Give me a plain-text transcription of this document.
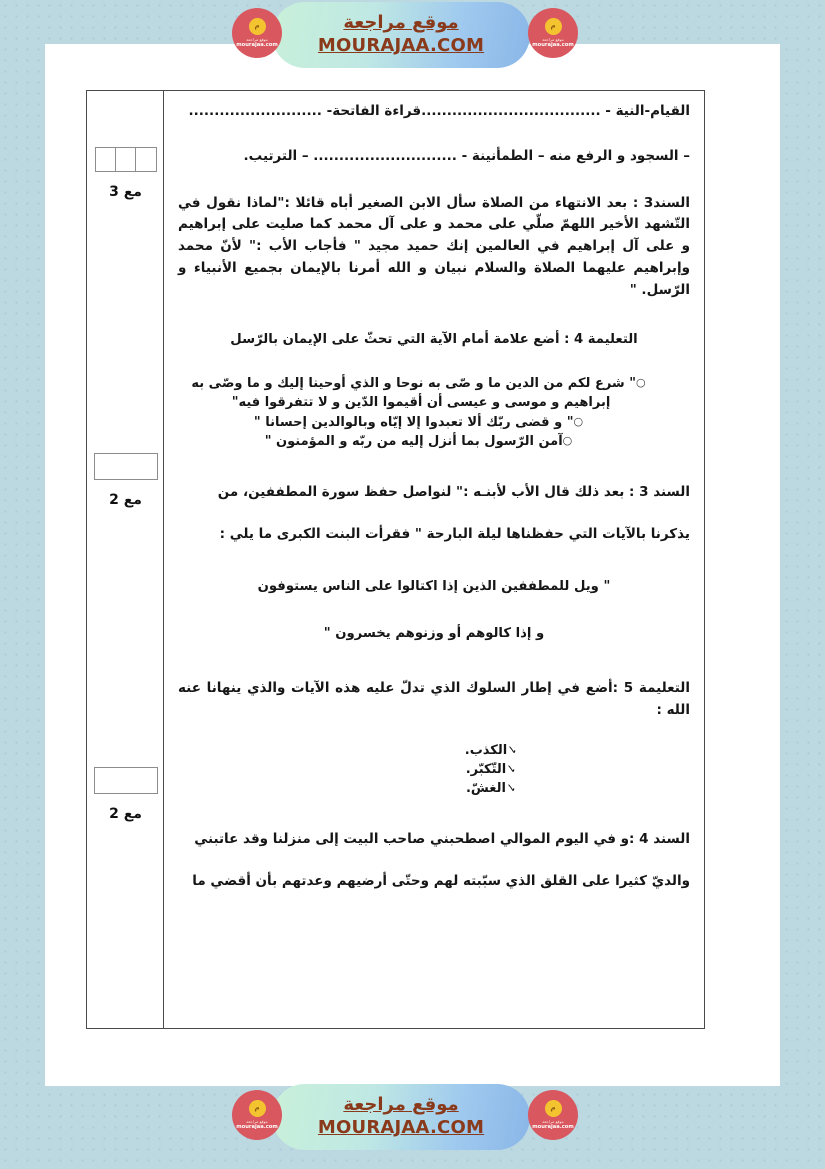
م
موقع مراجعة
mourajaa.com
م
موقع مراجعة
mourajaa.com
موقع مراجعة
MOURAJAA.COM
القيام-النية - ...................................قراءة الفاتحة- ..........................
– السجود و الرفع منه – الطمأنينة - ............................ – الترتيب.
السند3 : بعد الانتهاء من الصلاة سأل الابن الصغير أباه قائلا :"لماذا نقول في التّشهد الأخير اللهمّ صلّي على محمد و على آل محمد كما صليت على إبراهيم و على آل إبراهيم في العالمين إنك حميد مجيد " فأجاب الأب :" لأنّ محمد وإبراهيم عليهما الصلاة والسلام نبيان و الله أمرنا بالإيمان بجميع الأنبياء و الرّسل. "
التعليمة 4 : أضع علامة أمام الآية التي تحثّ على الإيمان بالرّسل
○" شرع لكم من الدين ما و صّى به نوحا و الذي أوحينا إليك و ما وصّى به إبراهيم و موسى و عيسى أن أقيموا الدّين و لا تتفرقوا فيه"
○" و قضى ربّك ألا تعبدوا إلا إيّاه وبالوالدين إحسانا "
○آمن الرّسول بما أنزل إليه من ربّه و المؤمنون "
السند 3 : بعد ذلك قال الأب لأبنـه :" لنواصل حفظ سورة المطففين، من
يذكرنا بالآيات التي حفظناها ليلة البارحة " فقرأت البنت الكبرى ما يلي :
" ويل للمطففين الذين إذا اكتالوا على الناس يستوفون
و إذا كالوهم أو وزنوهم يخسرون "
التعليمة 5 :أضع في إطار السلوك الذي تدلّ عليه هذه الآيات والذي ينهانا عنه الله :
✓الكذب.
✓التّكبّر.
✓الغشّ.
السند 4 :و في اليوم الموالي اصطحبني صاحب البيت إلى منزلنا وقد عاتبني
والديّ كثيرا على القلق الذي سبّبته لهم وحتّى أرضيهم وعدتهم بأن أقضي ما
مع 3
مع 2
مع 2
م
موقع مراجعة
mourajaa.com
م
موقع مراجعة
mourajaa.com
موقع مراجعة
MOURAJAA.COM
